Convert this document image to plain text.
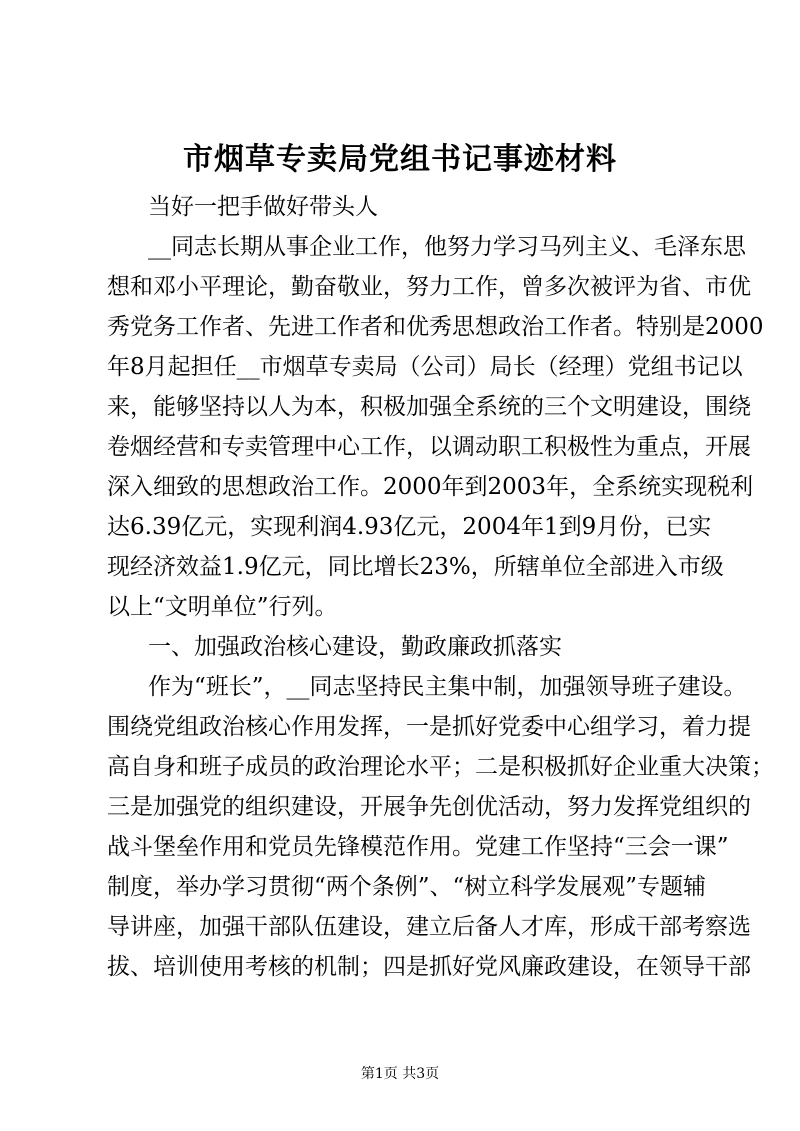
市烟草专卖局党组书记事迹材料
当好一把手做好带头人
__同志长期从事企业工作，他努力学习马列主义、毛泽东思
想和邓小平理论，勤奋敬业，努力工作，曾多次被评为省、市优
秀党务工作者、先进工作者和优秀思想政治工作者。特别是2000
年8月起担任__市烟草专卖局（公司）局长（经理）党组书记以
来，能够坚持以人为本，积极加强全系统的三个文明建设，围绕
卷烟经营和专卖管理中心工作，以调动职工积极性为重点，开展
深入细致的思想政治工作。2000年到2003年，全系统实现税利
达6.39亿元，实现利润4.93亿元，2004年1到9月份，已实
现经济效益1.9亿元，同比增长23%，所辖单位全部进入市级
以上“文明单位”行列。
一、加强政治核心建设，勤政廉政抓落实
作为“班长”，__同志坚持民主集中制，加强领导班子建设。
围绕党组政治核心作用发挥，一是抓好党委中心组学习，着力提
高自身和班子成员的政治理论水平；二是积极抓好企业重大决策；
三是加强党的组织建设，开展争先创优活动，努力发挥党组织的
战斗堡垒作用和党员先锋模范作用。党建工作坚持“三会一课”
制度，举办学习贯彻“两个条例”、“树立科学发展观”专题辅
导讲座，加强干部队伍建设，建立后备人才库，形成干部考察选
拔、培训使用考核的机制；四是抓好党风廉政建设，在领导干部
第1页 共3页
